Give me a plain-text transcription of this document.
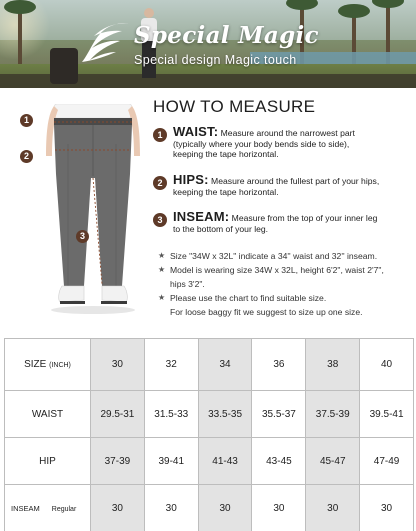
Special Magic
Special design Magic touch
1
2
3
HOW TO MEASURE
1 WAIST: Measure around the narrowest part
(typically where your body bends side to side),
keeping the tape horizontal.
2 HIPS: Measure around the fullest part of your hips,
keeping the tape horizontal.
3 INSEAM: Measure from the top of your inner leg
to the bottom of your leg.
★ Size "34W x 32L" indicate a 34'' waist and 32'' inseam.
★ Model is wearing size 34W x 32L, height 6'2", waist 2'7",
hips 3'2".
★ Please use the chart to find suitable size.
For loose baggy fit we suggest to size up one size.
SIZE (INCH)	30	32	34	36	38	40
WAIST	29.5-31	31.5-33	33.5-35	35.5-37	37.5-39	39.5-41
HIP	37-39	39-41	41-43	43-45	45-47	47-49
INSEAM Regular	30	30	30	30	30	30
